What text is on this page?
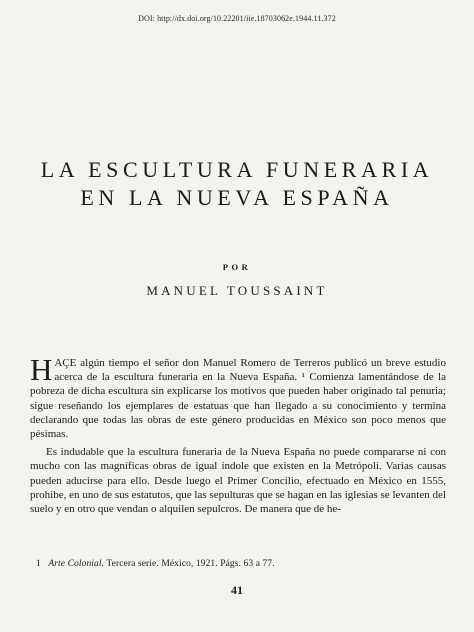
DOI: http://dx.doi.org/10.22201/iie.18703062e.1944.11.372
LA ESCULTURA FUNERARIA
EN LA NUEVA ESPAÑA
POR
MANUEL TOUSSAINT

HAÇE algún tiempo el señor don Manuel Romero de Terreros publicó un breve estudio acerca de la escultura funeraria en la Nueva España. ¹ Comienza lamentándose de la pobreza de dicha escultura sin explicarse los motivos que pueden haber originado tal penuria; sigue reseñando los ejemplares de estatuas que han llegado a su conocimiento y termina declarando que todas las obras de este género producidas en México son poco menos que pésimas.

Es indudable que la escultura funeraria de la Nueva España no puede compararse ni con mucho con las magníficas obras de igual índole que existen en la Metrópoli. Varias causas pueden aducirse para ello. Desde luego el Primer Concilio, efectuado en México en 1555, prohibe, en uno de sus estatutos, que las sepulturas que se hagan en las iglesias se levanten del suelo y en otro que vendan o alquilen sepulcros. De manera que de he-

1 Arte Colonial. Tercera serie. México, 1921. Págs. 63 a 77.
41
